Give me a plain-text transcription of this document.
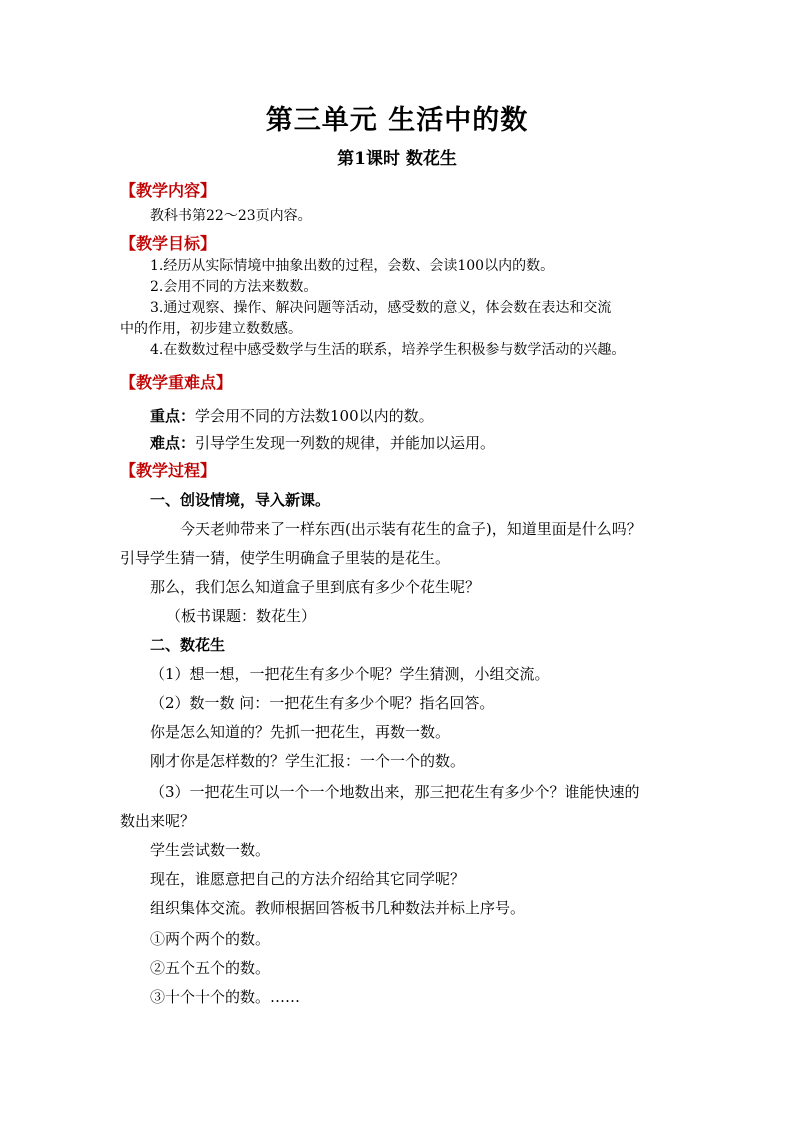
第三单元 生活中的数
第1课时 数花生
【教学内容】
教科书第22～23页内容。
【教学目标】
1.经历从实际情境中抽象出数的过程，会数、会读100以内的数。
2.会用不同的方法来数数。
3.通过观察、操作、解决问题等活动，感受数的意义，体会数在表达和交流
中的作用，初步建立数数感。
4.在数数过程中感受数学与生活的联系，培养学生积极参与数学活动的兴趣。
【教学重难点】
重点：学会用不同的方法数100以内的数。
难点：引导学生发现一列数的规律，并能加以运用。
【教学过程】
一、创设情境，导入新课。
今天老帅带来了一样东西(出示装有花生的盒子)，知道里面是什么吗？
引导学生猜一猜，使学生明确盒子里装的是花生。
那么，我们怎么知道盒子里到底有多少个花生呢？
（板书课题：数花生）
二、数花生
（1）想一想，一把花生有多少个呢？学生猜测，小组交流。
（2）数一数 问：一把花生有多少个呢？指名回答。
你是怎么知道的？先抓一把花生，再数一数。
刚才你是怎样数的？学生汇报：一个一个的数。
（3）一把花生可以一个一个地数出来，那三把花生有多少个？谁能快速的
数出来呢？
学生尝试数一数。
现在，谁愿意把自己的方法介绍给其它同学呢？
组织集体交流。教师根据回答板书几种数法并标上序号。
①两个两个的数。
②五个五个的数。
③十个十个的数。……
